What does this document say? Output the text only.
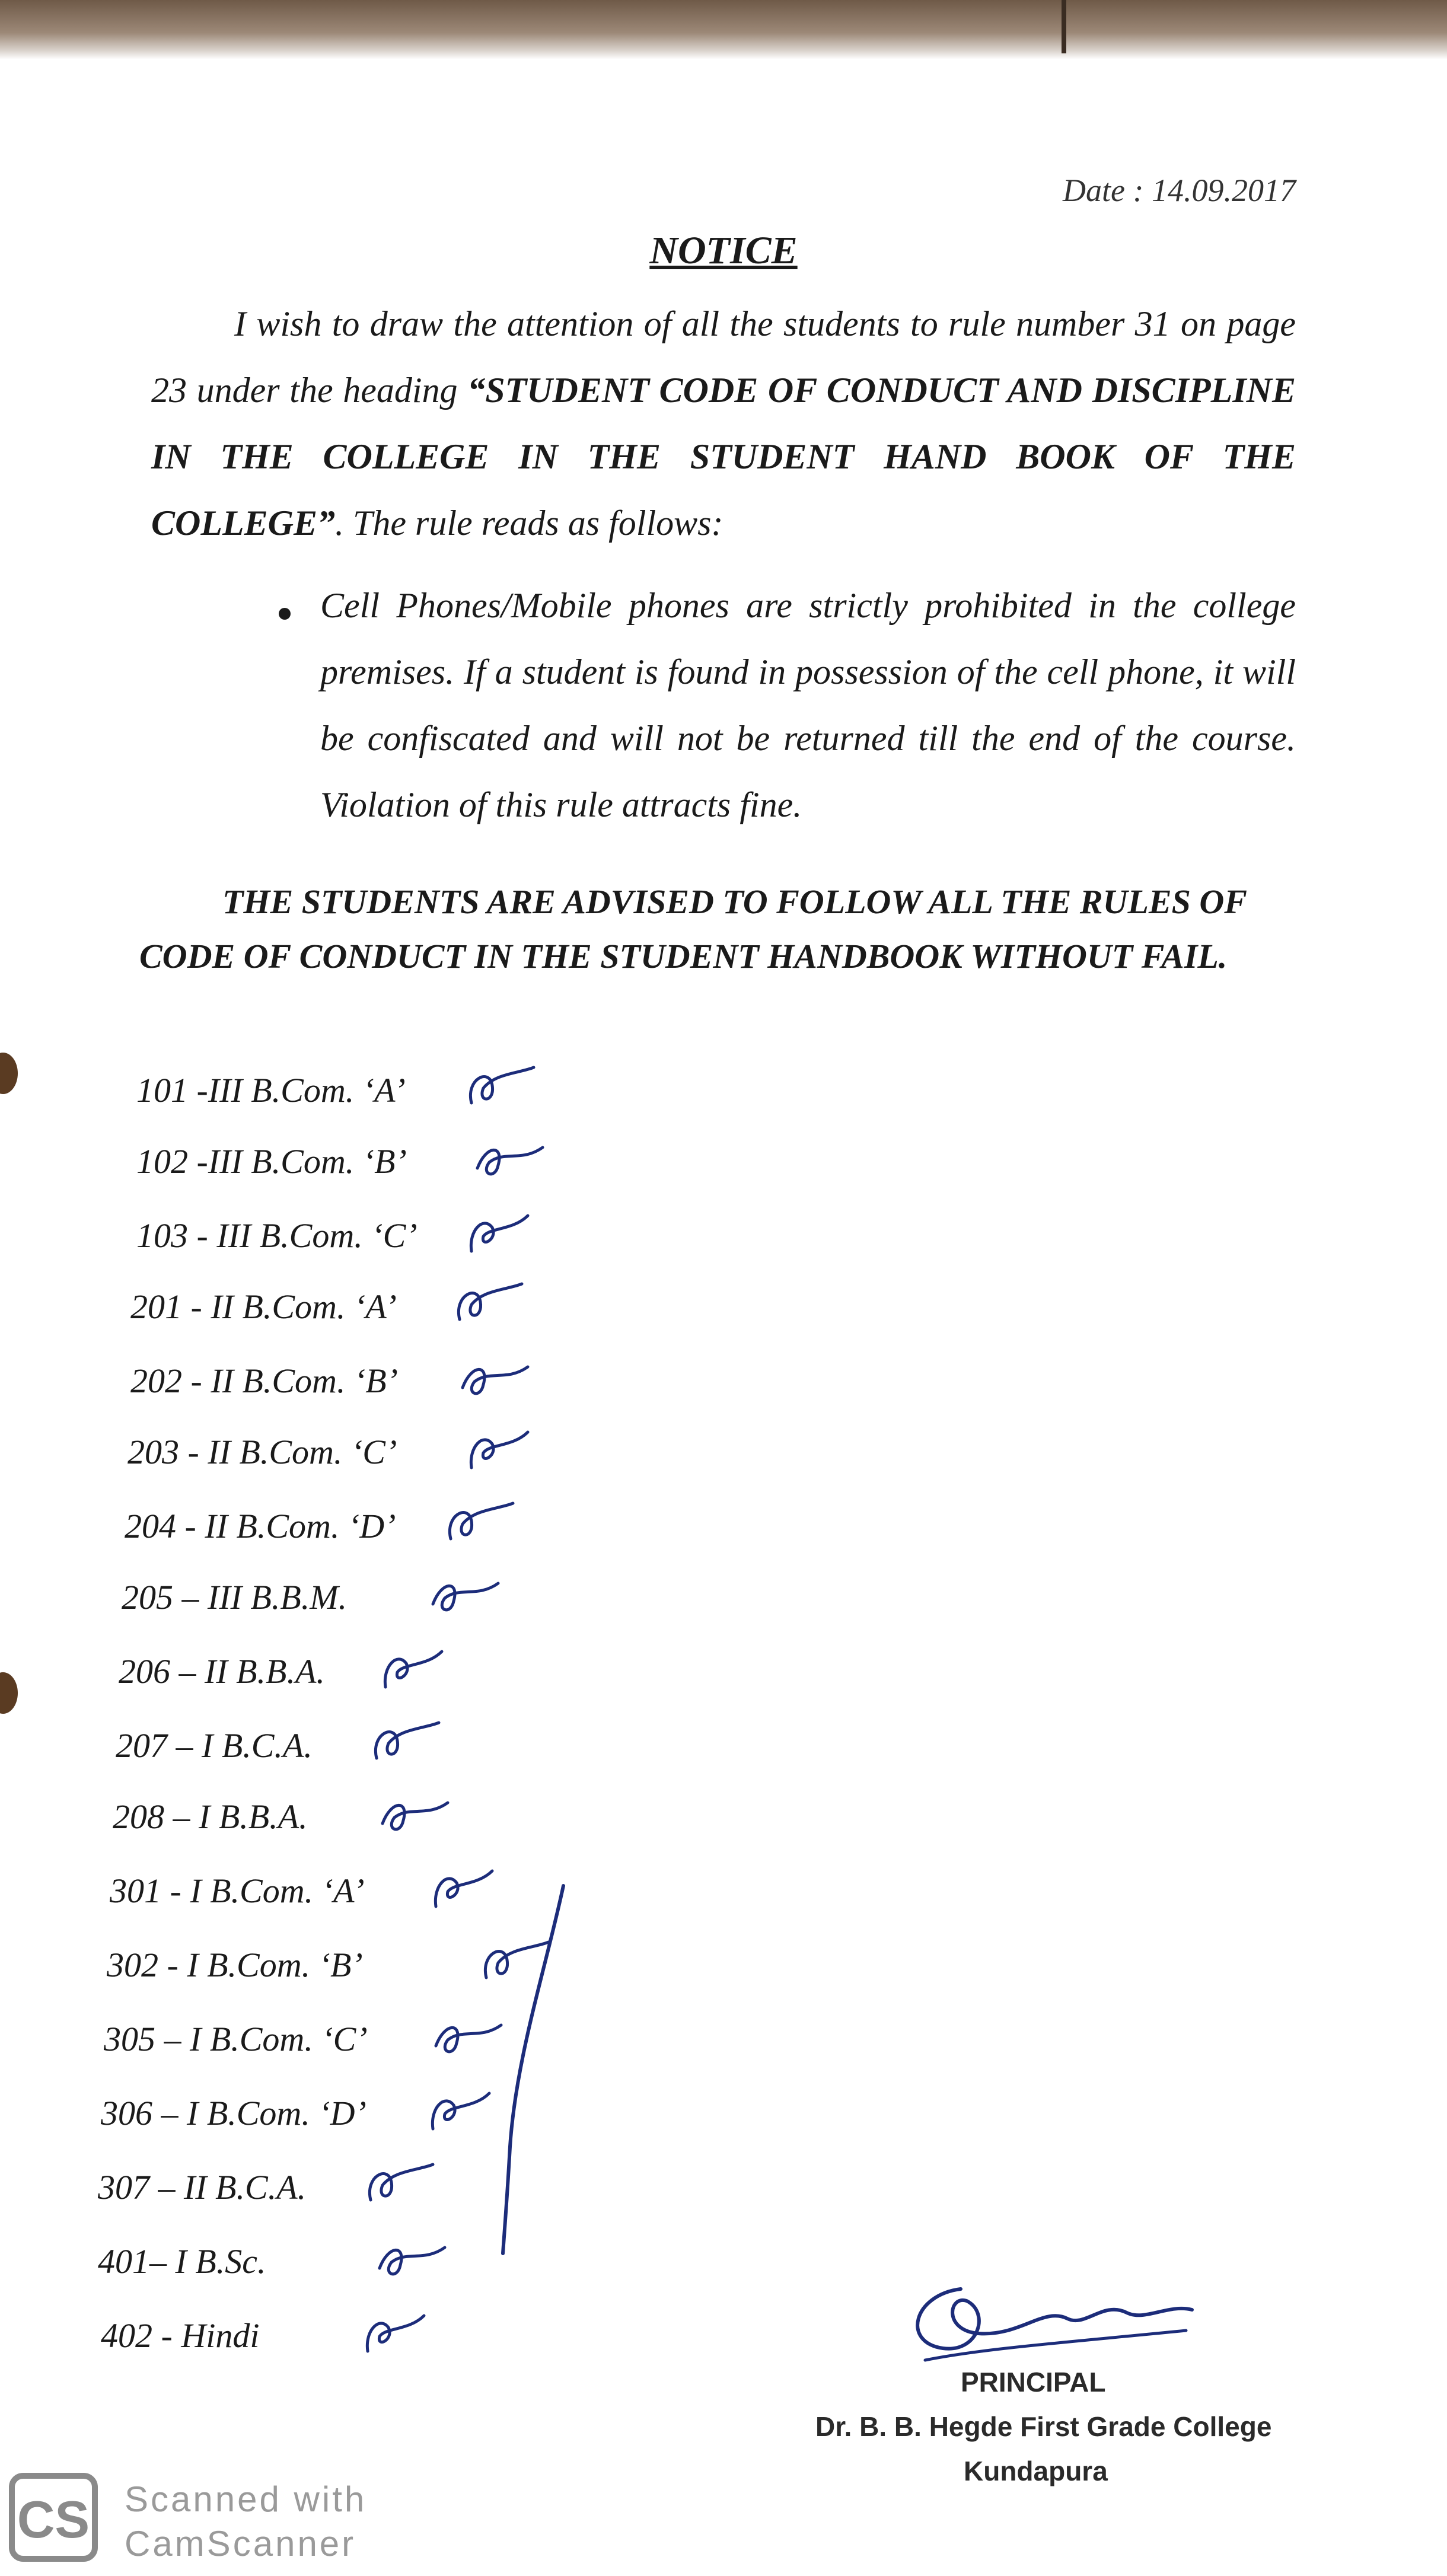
Date : 14.09.2017
NOTICE
I wish to draw the attention of all the students to rule number 31 on page 23 under the heading “STUDENT CODE OF CONDUCT AND DISCIPLINE IN THE COLLEGE IN THE STUDENT HAND BOOK OF THE COLLEGE”. The rule reads as follows:
Cell Phones/Mobile phones are strictly prohibited in the college premises. If a student is found in possession of the cell phone, it will be confiscated and will not be returned till the end of the course. Violation of this rule attracts fine.
THE STUDENTS ARE ADVISED TO FOLLOW ALL THE RULES OF CODE OF CONDUCT IN THE STUDENT HANDBOOK WITHOUT FAIL.
101 -III B.Com. ‘A’
102 -III B.Com. ‘B’
103 - III B.Com. ‘C’
201 - II B.Com. ‘A’
202 - II B.Com. ‘B’
203 - II B.Com. ‘C’
204 - II B.Com. ‘D’
205 – III B.B.M.
206 – II B.B.A.
207 – I B.C.A.
208 – I B.B.A.
301 - I B.Com. ‘A’
302 - I B.Com. ‘B’
305 – I B.Com. ‘C’
306 – I B.Com. ‘D’
307 – II B.C.A.
401– I B.Sc.
402 - Hindi
PRINCIPAL
Dr. B. B. Hegde First Grade College
Kundapura
CS Scanned with
CamScanner
